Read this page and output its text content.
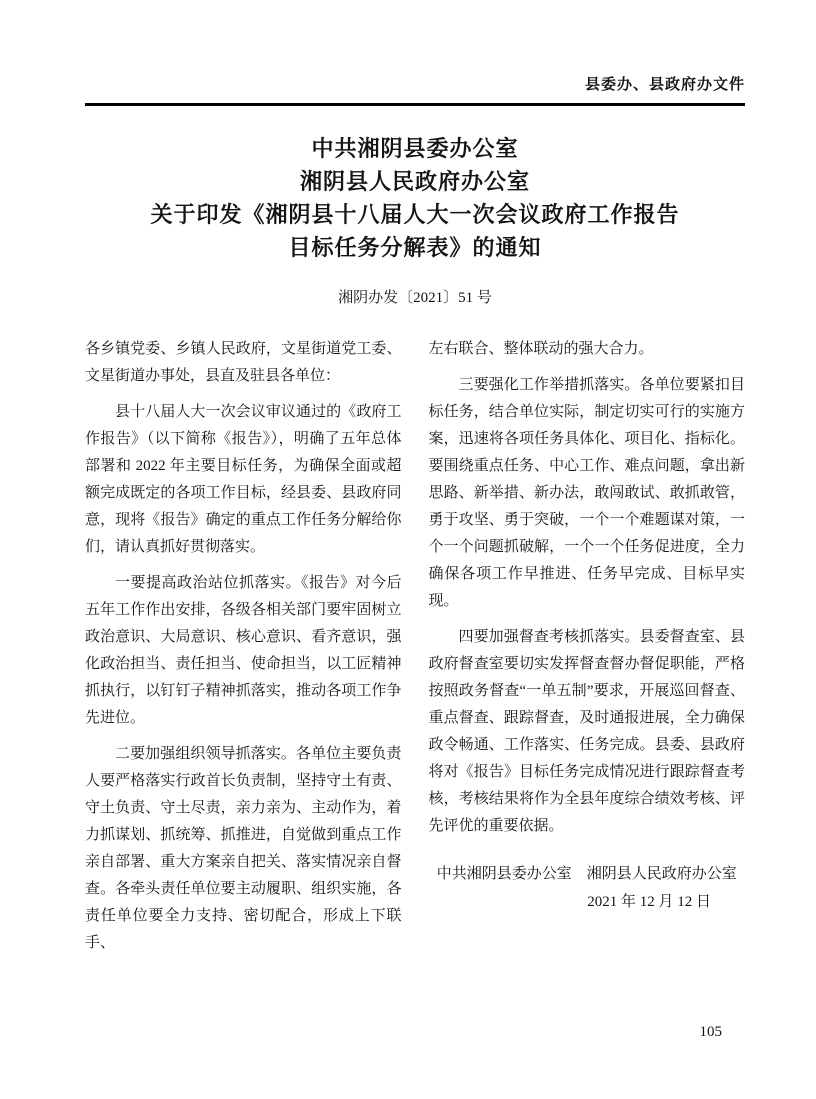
县委办、县政府办文件
中共湘阴县委办公室
湘阴县人民政府办公室
关于印发《湘阴县十八届人大一次会议政府工作报告
目标任务分解表》的通知
湘阴办发〔2021〕51 号

各乡镇党委、乡镇人民政府，文星街道党工委、文星街道办事处，县直及驻县各单位：

县十八届人大一次会议审议通过的《政府工作报告》（以下简称《报告》），明确了五年总体部署和 2022 年主要目标任务，为确保全面或超额完成既定的各项工作目标，经县委、县政府同意，现将《报告》确定的重点工作任务分解给你们，请认真抓好贯彻落实。

一要提高政治站位抓落实。《报告》对今后五年工作作出安排，各级各相关部门要牢固树立政治意识、大局意识、核心意识、看齐意识，强化政治担当、责任担当、使命担当，以工匠精神抓执行，以钉钉子精神抓落实，推动各项工作争先进位。

二要加强组织领导抓落实。各单位主要负责人要严格落实行政首长负责制，坚持守土有责、守土负责、守土尽责，亲力亲为、主动作为，着力抓谋划、抓统筹、抓推进，自觉做到重点工作亲自部署、重大方案亲自把关、落实情况亲自督查。各牵头责任单位要主动履职、组织实施，各责任单位要全力支持、密切配合，形成上下联手、

左右联合、整体联动的强大合力。

三要强化工作举措抓落实。各单位要紧扣目标任务，结合单位实际，制定切实可行的实施方案，迅速将各项任务具体化、项目化、指标化。要围绕重点任务、中心工作、难点问题，拿出新思路、新举措、新办法，敢闯敢试、敢抓敢管，勇于攻坚、勇于突破，一个一个难题谋对策，一个一个问题抓破解，一个一个任务促进度，全力确保各项工作早推进、任务早完成、目标早实现。

四要加强督查考核抓落实。县委督查室、县政府督查室要切实发挥督查督办督促职能，严格按照政务督查“一单五制”要求，开展巡回督查、重点督查、跟踪督查，及时通报进展，全力确保政令畅通、工作落实、任务完成。县委、县政府将对《报告》目标任务完成情况进行跟踪督查考核，考核结果将作为全县年度综合绩效考核、评先评优的重要依据。

中共湘阴县委办公室　湘阴县人民政府办公室
2021 年 12 月 12 日
105
